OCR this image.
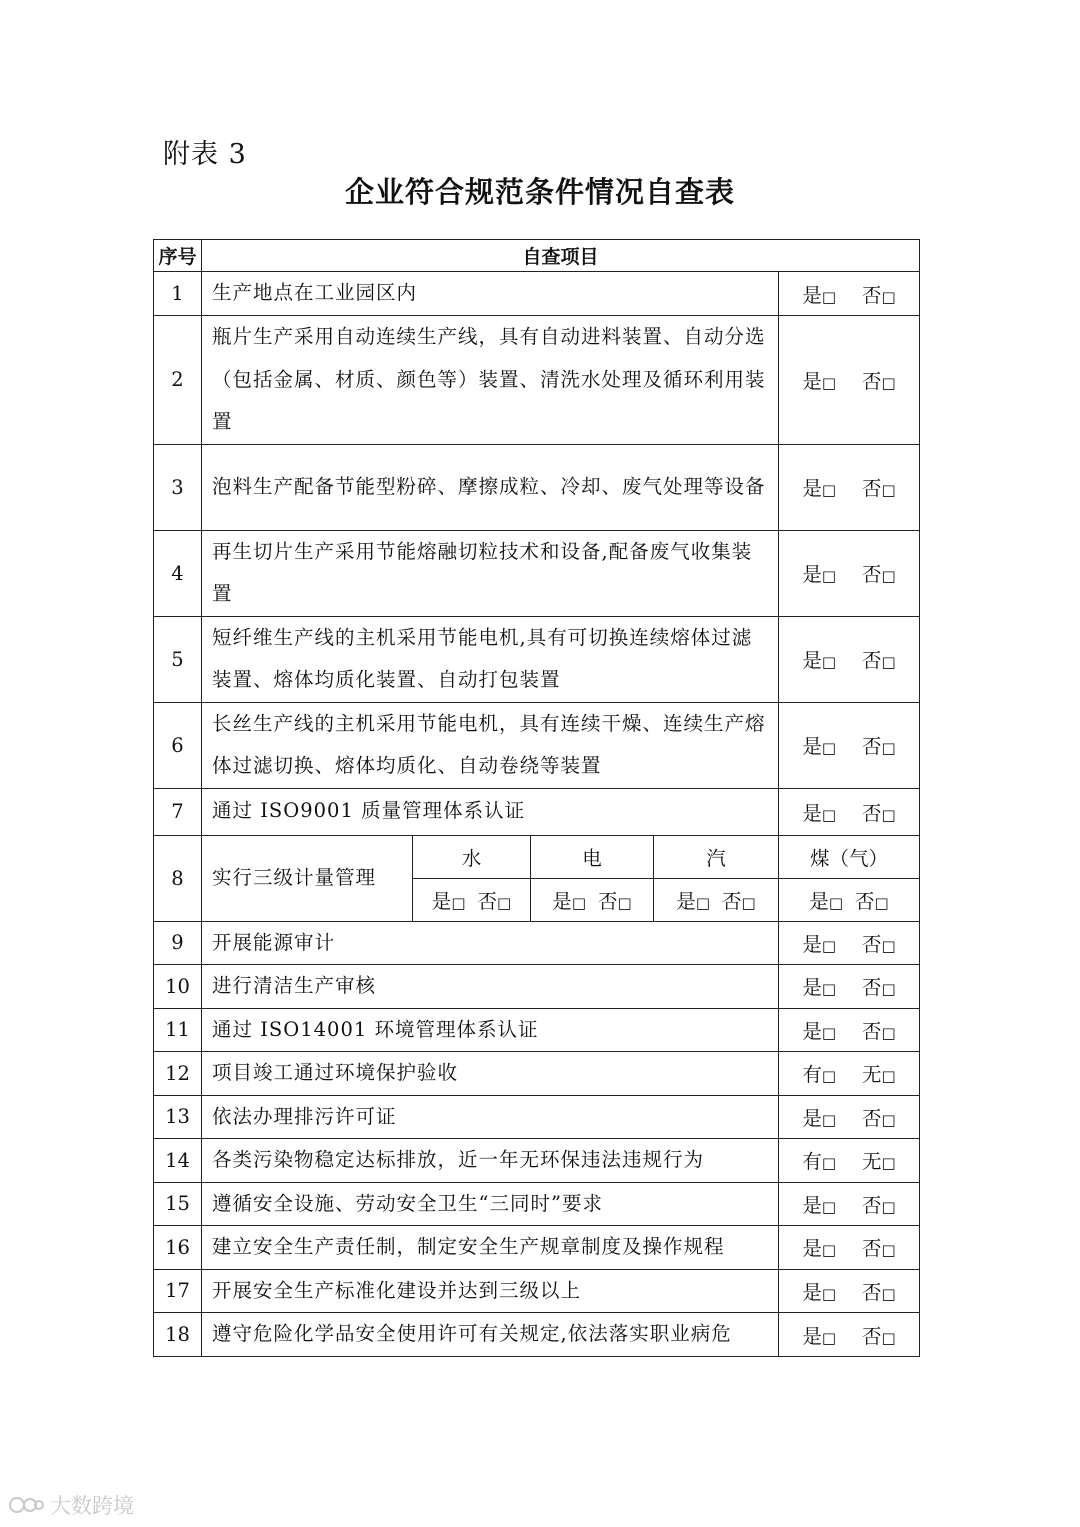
附表 3
企业符合规范条件情况自查表
序号	自查项目				
1	生产地点在工业园区内				是□ 否□
2	瓶片生产采用自动连续生产线，具有自动进料装置、自动分选（包括金属、材质、颜色等）装置、清洗水处理及循环利用装置				是□ 否□
3	泡料生产配备节能型粉碎、摩擦成粒、冷却、废气处理等设备				是□ 否□
4	再生切片生产采用节能熔融切粒技术和设备,配备废气收集装置				是□ 否□
5	短纤维生产线的主机采用节能电机,具有可切换连续熔体过滤装置、熔体均质化装置、自动打包装置				是□ 否□
6	长丝生产线的主机采用节能电机，具有连续干燥、连续生产熔体过滤切换、熔体均质化、自动卷绕等装置				是□ 否□
7	通过 ISO9001 质量管理体系认证				是□ 否□
8	实行三级计量管理	水	电	汽	煤（气）
		是□ 否□	是□ 否□	是□ 否□	是□ 否□
9	开展能源审计				是□ 否□
10	进行清洁生产审核				是□ 否□
11	通过 ISO14001 环境管理体系认证				是□ 否□
12	项目竣工通过环境保护验收				有□ 无□
13	依法办理排污许可证				是□ 否□
14	各类污染物稳定达标排放，近一年无环保违法违规行为				有□ 无□
15	遵循安全设施、劳动安全卫生“三同时”要求				是□ 否□
16	建立安全生产责任制，制定安全生产规章制度及操作规程				是□ 否□
17	开展安全生产标准化建设并达到三级以上				是□ 否□
18	遵守危险化学品安全使用许可有关规定,依法落实职业病危				是□ 否□
大数跨境
